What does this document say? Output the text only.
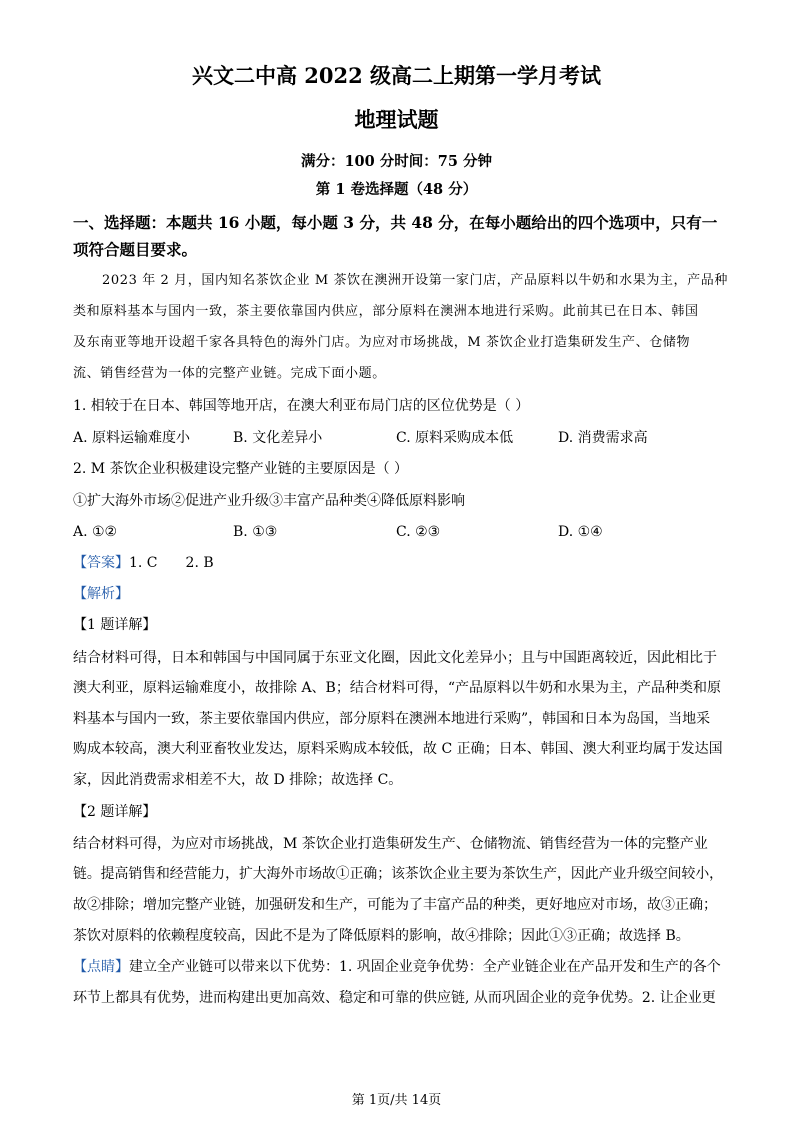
兴文二中高 2022 级高二上期第一学月考试
地理试题
满分：100 分时间：75 分钟
第 1 卷选择题（48 分）
一、选择题：本题共 16 小题，每小题 3 分，共 48 分，在每小题给出的四个选项中，只有一
项符合题目要求。
2023 年 2 月，国内知名茶饮企业 M 茶饮在澳洲开设第一家门店，产品原料以牛奶和水果为主，产品种
类和原料基本与国内一致，茶主要依靠国内供应，部分原料在澳洲本地进行采购。此前其已在日本、韩国
及东南亚等地开设超千家各具特色的海外门店。为应对市场挑战，M 茶饮企业打造集研发生产、仓储物
流、销售经营为一体的完整产业链。完成下面小题。
1. 相较于在日本、韩国等地开店，在澳大利亚布局门店的区位优势是（ ）
A. 原料运输难度小	B. 文化差异小	C. 原料采购成本低	D. 消费需求高
2. M 茶饮企业积极建设完整产业链的主要原因是（ ）
①扩大海外市场②促进产业升级③丰富产品种类④降低原料影响
A. ①②	B. ①③	C. ②③	D. ①④
【答案】1. C 2. B
【解析】
【1 题详解】
结合材料可得，日本和韩国与中国同属于东亚文化圈，因此文化差异小；且与中国距离较近，因此相比于
澳大利亚，原料运输难度小，故排除 A、B；结合材料可得，“产品原料以牛奶和水果为主，产品种类和原
料基本与国内一致，茶主要依靠国内供应，部分原料在澳洲本地进行采购”，韩国和日本为岛国，当地采
购成本较高，澳大利亚畜牧业发达，原料采购成本较低，故 C 正确；日本、韩国、澳大利亚均属于发达国
家，因此消费需求相差不大，故 D 排除；故选择 C。
【2 题详解】
结合材料可得，为应对市场挑战，M 茶饮企业打造集研发生产、仓储物流、销售经营为一体的完整产业
链。提高销售和经营能力，扩大海外市场故①正确；该茶饮企业主要为茶饮生产，因此产业升级空间较小，
故②排除；增加完整产业链，加强研发和生产，可能为了丰富产品的种类，更好地应对市场，故③正确；
茶饮对原料的依赖程度较高，因此不是为了降低原料的影响，故④排除；因此①③正确；故选择 B。
【点睛】建立全产业链可以带来以下优势：1. 巩固企业竞争优势：全产业链企业在产品开发和生产的各个
环节上都具有优势，进而构建出更加高效、稳定和可靠的供应链, 从而巩固企业的竞争优势。2. 让企业更
第 1页/共 14页
